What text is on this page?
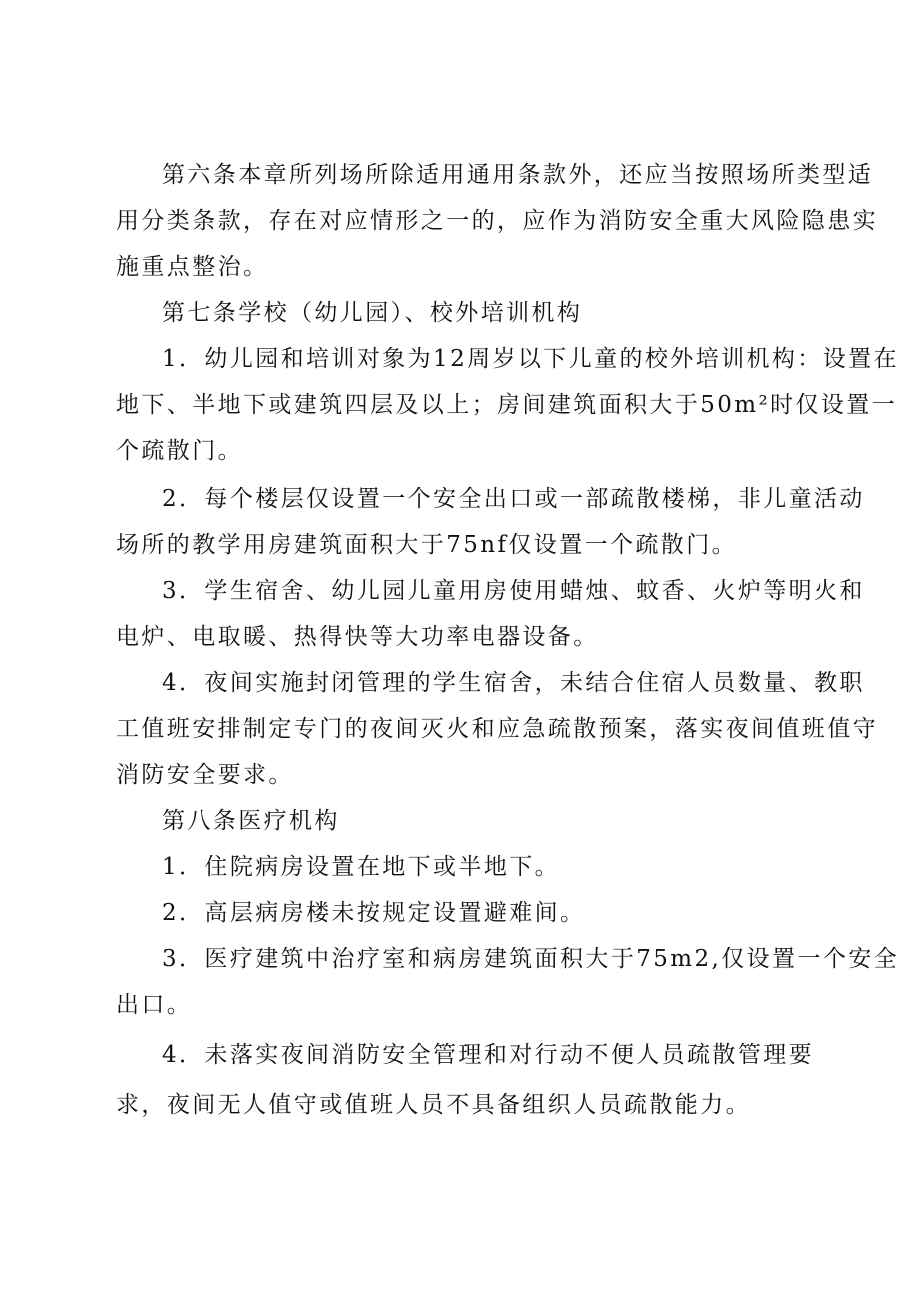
第六条本章所列场所除适用通用条款外，还应当按照场所类型适
用分类条款，存在对应情形之一的，应作为消防安全重大风险隐患实
施重点整治。
第七条学校（幼儿园）、校外培训机构
1．幼儿园和培训对象为12周岁以下儿童的校外培训机构：设置在
地下、半地下或建筑四层及以上；房间建筑面积大于50m²时仅设置一
个疏散门。
2．每个楼层仅设置一个安全出口或一部疏散楼梯，非儿童活动
场所的教学用房建筑面积大于75nf仅设置一个疏散门。
3．学生宿舍、幼儿园儿童用房使用蜡烛、蚊香、火炉等明火和
电炉、电取暖、热得快等大功率电器设备。
4．夜间实施封闭管理的学生宿舍，未结合住宿人员数量、教职
工值班安排制定专门的夜间灭火和应急疏散预案，落实夜间值班值守
消防安全要求。
第八条医疗机构
1．住院病房设置在地下或半地下。
2．高层病房楼未按规定设置避难间。
3．医疗建筑中治疗室和病房建筑面积大于75m2,仅设置一个安全
出口。
4．未落实夜间消防安全管理和对行动不便人员疏散管理要
求，夜间无人值守或值班人员不具备组织人员疏散能力。
